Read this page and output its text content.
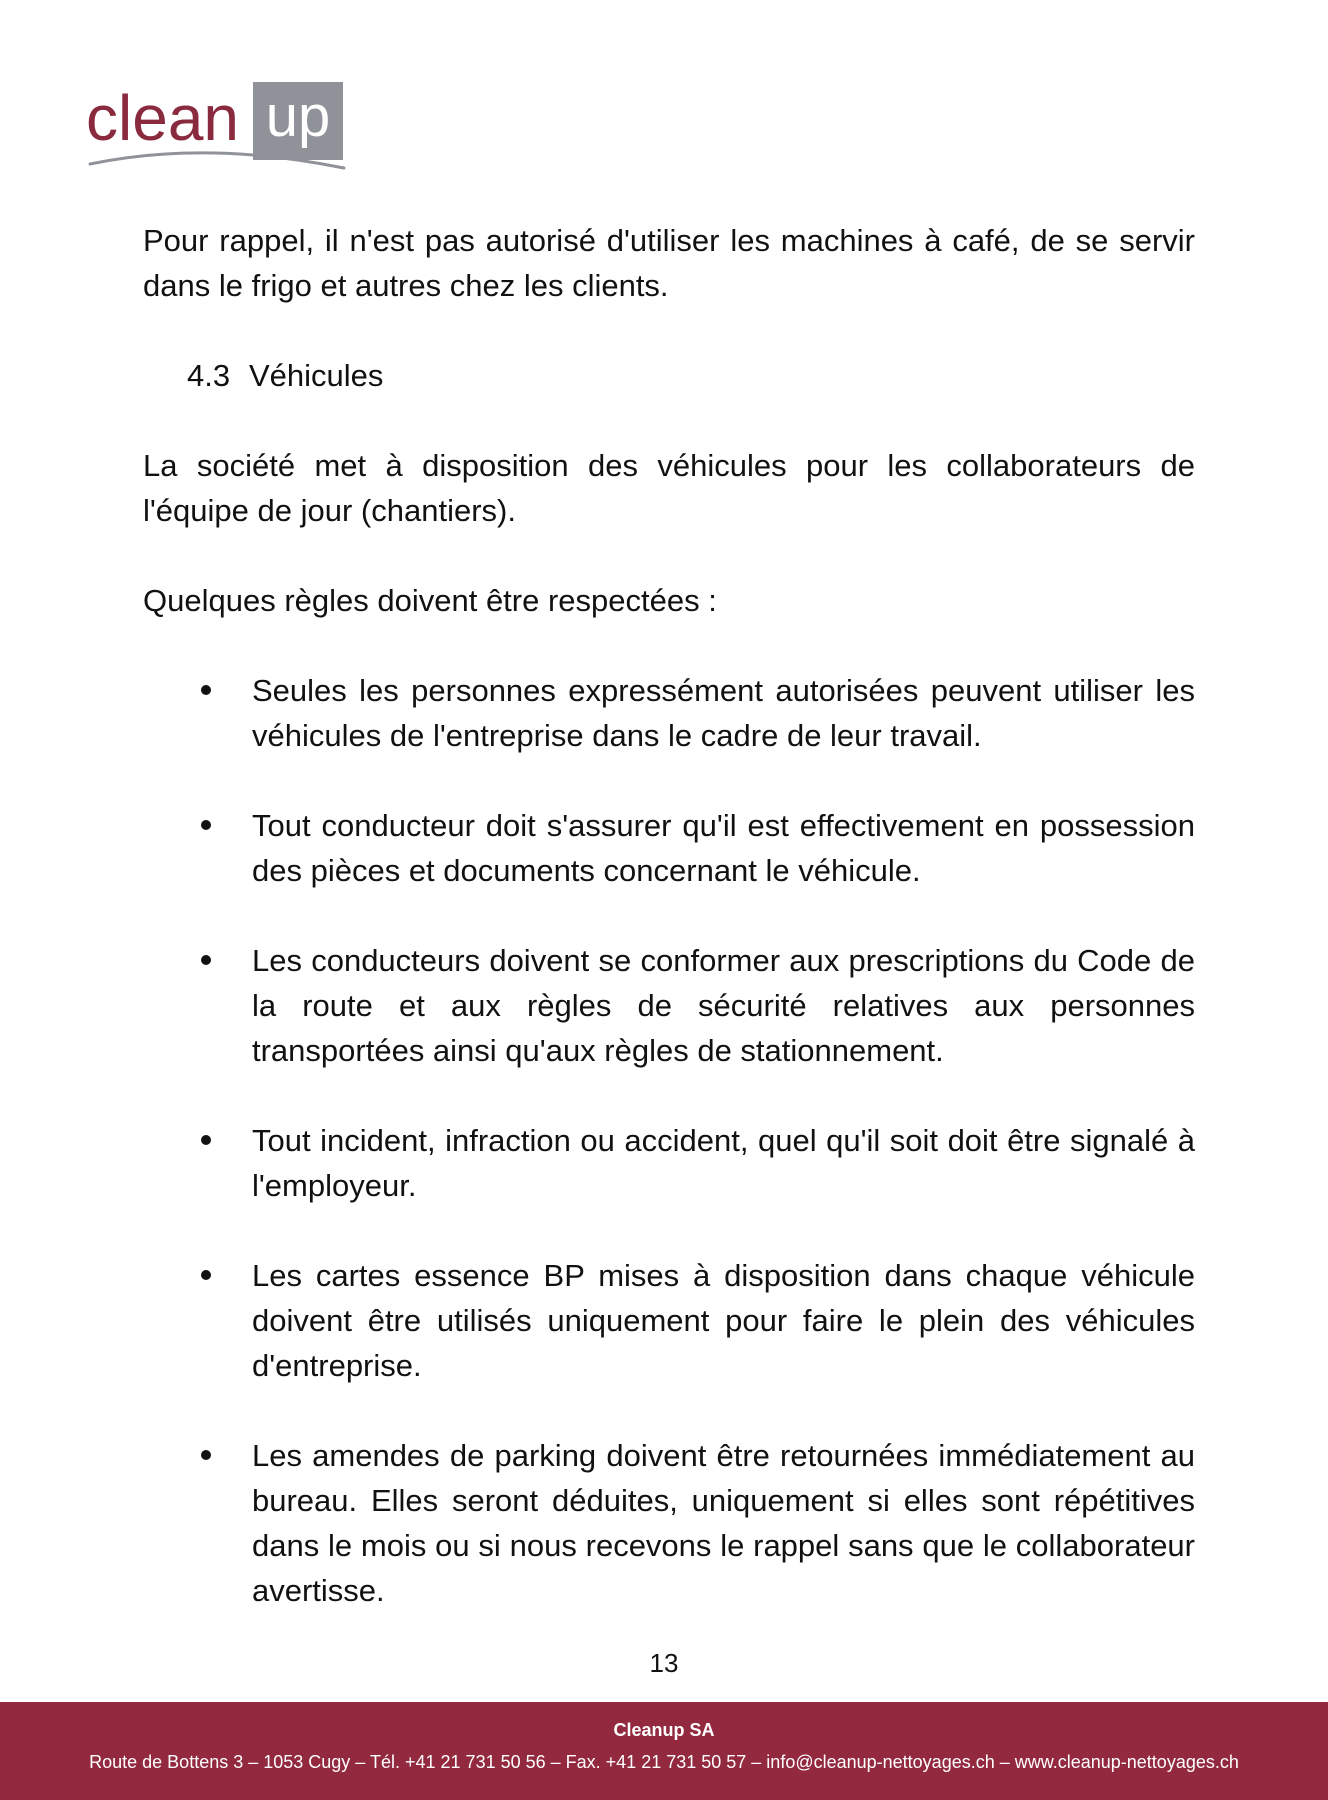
clean up

Pour rappel, il n'est pas autorisé d'utiliser les machines à café, de se servir dans le frigo et autres chez les clients.

4.3 Véhicules

La société met à disposition des véhicules pour les collaborateurs de l'équipe de jour (chantiers).

Quelques règles doivent être respectées :

Seules les personnes expressément autorisées peuvent utiliser les véhicules de l'entreprise dans le cadre de leur travail.
Tout conducteur doit s'assurer qu'il est effectivement en possession des pièces et documents concernant le véhicule.
Les conducteurs doivent se conformer aux prescriptions du Code de la route et aux règles de sécurité relatives aux personnes transportées ainsi qu'aux règles de stationnement.
Tout incident, infraction ou accident, quel qu'il soit doit être signalé à l'employeur.
Les cartes essence BP mises à disposition dans chaque véhicule doivent être utilisés uniquement pour faire le plein des véhicules d'entreprise.
Les amendes de parking doivent être retournées immédiatement au bureau. Elles seront déduites, uniquement si elles sont répétitives dans le mois ou si nous recevons le rappel sans que le collaborateur avertisse.
13
Cleanup SA
Route de Bottens 3 – 1053 Cugy – Tél. +41 21 731 50 56 – Fax. +41 21 731 50 57 – info@cleanup-nettoyages.ch – www.cleanup-nettoyages.ch
